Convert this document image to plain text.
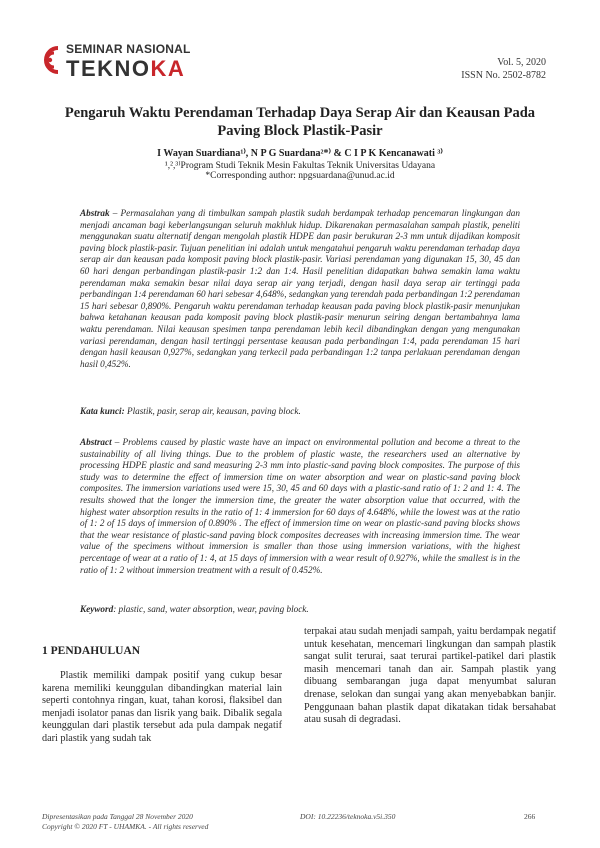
SEMINAR NASIONAL
TEKNOKA	Vol. 5, 2020
ISSN No. 2502-8782
Pengaruh Waktu Perendaman Terhadap Daya Serap Air dan Keausan Pada
Paving Block Plastik-Pasir
I Wayan Suardiana¹⁾, N P G Suardana²*⁾ & C I P K Kencanawati ³⁾
¹,²,³⁾Program Studi Teknik Mesin Fakultas Teknik Universitas Udayana
*Corresponding author: npgsuardana@unud.ac.id
Abstrak – Permasalahan yang di timbulkan sampah plastik sudah berdampak terhadap pencemaran lingkungan dan menjadi ancaman bagi keberlangsungan seluruh makhluk hidup. Dikarenakan permasalahan sampah plastik, peneliti menggunakan suatu alternatif dengan mengolah plastik HDPE dan pasir berukuran 2-3 mm untuk dijadikan komposit paving block plastik-pasir. Tujuan penelitian ini adalah untuk mengatahui pengaruh waktu perendaman terhadap daya serap air dan keausan pada komposit paving block plastik-pasir. Variasi perendaman yang digunakan 15, 30, 45 dan 60 hari dengan perbandingan plastik-pasir 1:2 dan 1:4. Hasil penelitian didapatkan bahwa semakin lama waktu perendaman maka semakin besar nilai daya serap air yang terjadi, dengan hasil daya serap air tertinggi pada perbandingan 1:4 perendaman 60 hari sebesar 4,648%, sedangkan yang terendah pada perbandingan 1:2 perendaman 15 hari sebesar 0,890%. Pengaruh waktu perendaman terhadap keausan pada paving block plastik-pasir menunjukan bahwa ketahanan keausan pada komposit paving block plastik-pasir menurun seiring dengan bertambahnya lama waktu perendaman. Nilai keausan spesimen tanpa perendaman lebih kecil dibandingkan dengan yang mengunakan variasi perendaman, dengan hasil tertinggi persentase keausan pada perbandingan 1:4, pada perendaman 15 hari dengan hasil keausan 0,927%, sedangkan yang terkecil pada perbandingan 1:2 tanpa perlakuan perendaman dengan hasil 0,452%.
Kata kunci: Plastik, pasir, serap air, keausan, paving block.
Abstract – Problems caused by plastic waste have an impact on environmental pollution and become a threat to the sustainability of all living things. Due to the problem of plastic waste, the researchers used an alternative by processing HDPE plastic and sand measuring 2-3 mm into plastic-sand paving block composites. The purpose of this study was to determine the effect of immersion time on water absorption and wear on plastic-sand paving block composites. The immersion variations used were 15, 30, 45 and 60 days with a plastic-sand ratio of 1: 2 and 1: 4. The results showed that the longer the immersion time, the greater the water absorption value that occurred, with the highest water absorption results in the ratio of 1: 4 immersion for 60 days of 4.648%, while the lowest was at the ratio of 1: 2 of 15 days of immersion of 0.890% . The effect of immersion time on wear on plastic-sand paving blocks shows that the wear resistance of plastic-sand paving block composites decreases with increasing immersion time. The wear value of the specimens without immersion is smaller than those using immersion variations, with the highest percentage of wear at a ratio of 1: 4, at 15 days of immersion with a wear result of 0.927%, while the smallest is in the ratio of 1: 2 without immersion treatment with a result of 0.452%.
Keyword: plastic, sand, water absorption, wear, paving block.
1 PENDAHULUAN
Plastik memiliki dampak positif yang cukup besar karena memiliki keunggulan dibandingkan material lain seperti contohnya ringan, kuat, tahan korosi, flaksibel dan menjadi isolator panas dan lisrik yang baik. Dibalik segala keunggulan dari plastik tersebut ada pula dampak negatif dari plastik yang sudah tak
terpakai atau sudah menjadi sampah, yaitu berdampak negatif untuk kesehatan, mencemari lingkungan dan sampah plastik sangat sulit terurai, saat terurai partikel-patikel dari plastik masih mencemari tanah dan air. Sampah plastik yang dibuang sembarangan juga dapat menyumbat saluran drenase, selokan dan sungai yang akan menyebabkan banjir. Penggunaan bahan plastik dapat dikatakan tidak bersahabat atau susah di degradasi.
Dipresentasikan pada Tanggal 28 November 2020
Copyright © 2020 FT - UHAMKA. - All rights reserved
DOI: 10.22236/teknoka.v5i.350	266
